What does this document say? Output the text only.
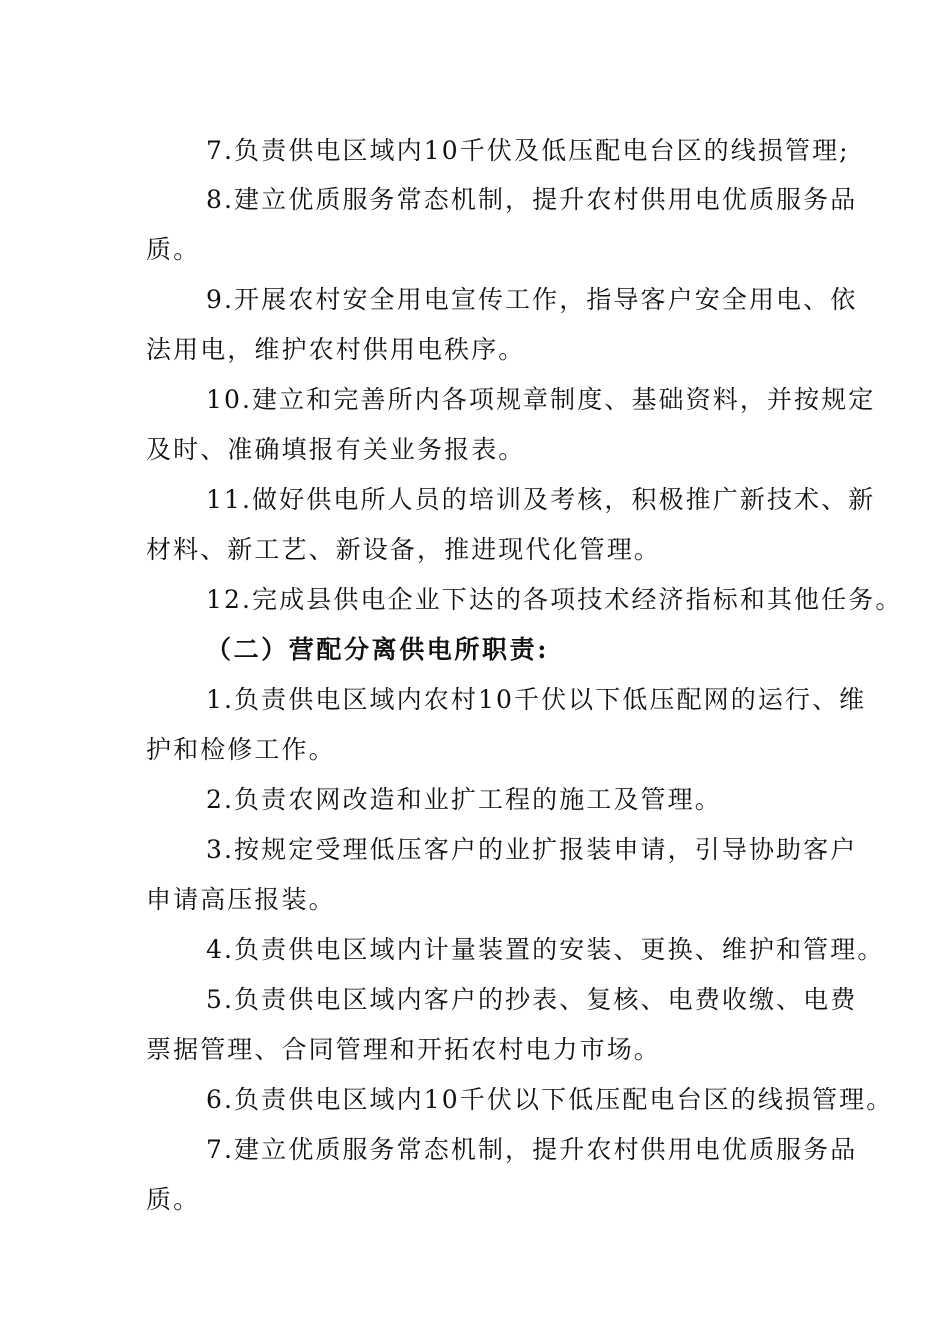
7.负责供电区域内10千伏及低压配电台区的线损管理;
8.建立优质服务常态机制，提升农村供用电优质服务品
质。
9.开展农村安全用电宣传工作，指导客户安全用电、依
法用电，维护农村供用电秩序。
10.建立和完善所内各项规章制度、基础资料，并按规定
及时、准确填报有关业务报表。
11.做好供电所人员的培训及考核，积极推广新技术、新
材料、新工艺、新设备，推进现代化管理。
12.完成县供电企业下达的各项技术经济指标和其他任务。
（二）营配分离供电所职责:
1.负责供电区域内农村10千伏以下低压配网的运行、维
护和检修工作。
2.负责农网改造和业扩工程的施工及管理。
3.按规定受理低压客户的业扩报装申请，引导协助客户
申请高压报装。
4.负责供电区域内计量装置的安装、更换、维护和管理。
5.负责供电区域内客户的抄表、复核、电费收缴、电费
票据管理、合同管理和开拓农村电力市场。
6.负责供电区域内10千伏以下低压配电台区的线损管理。
7.建立优质服务常态机制，提升农村供用电优质服务品
质。
